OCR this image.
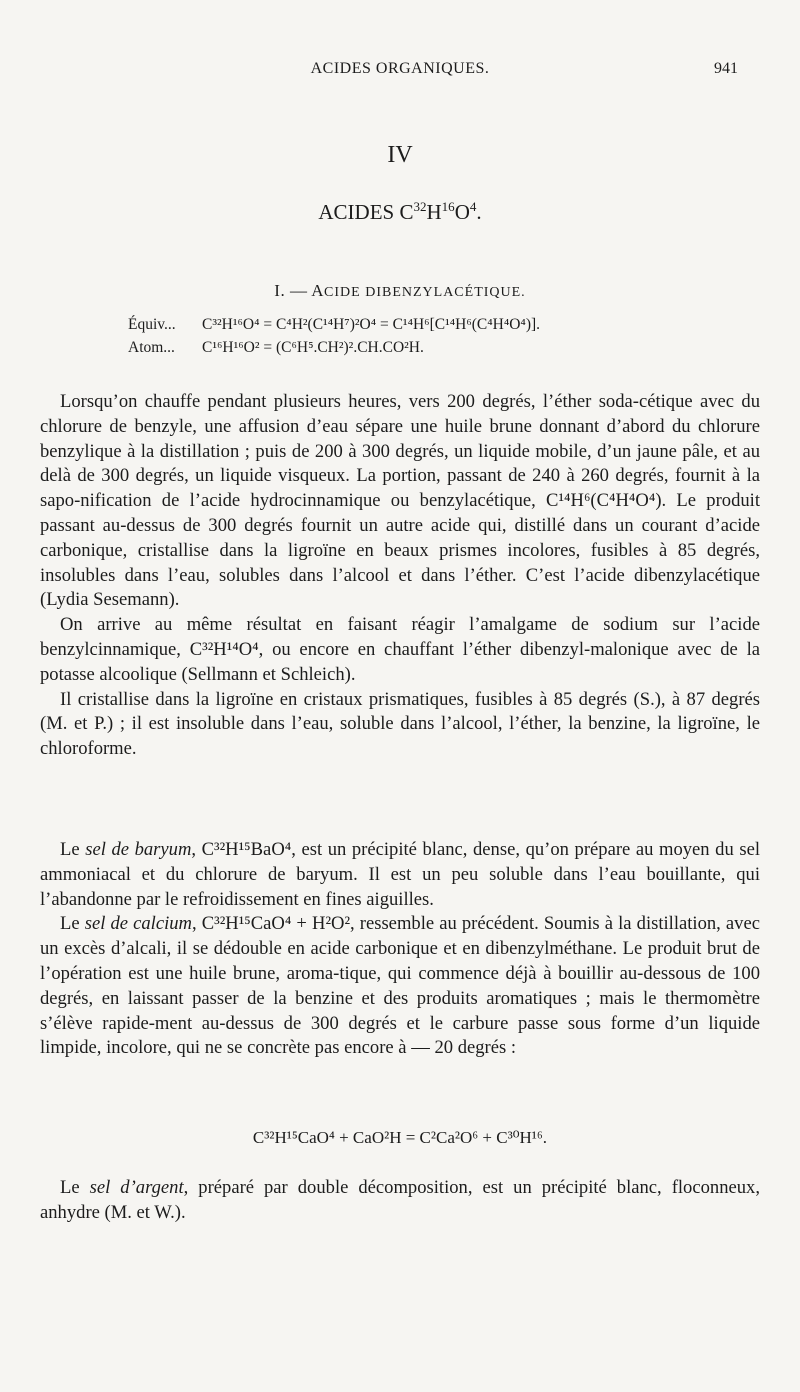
ACIDES ORGANIQUES.	941
IV
ACIDES $C^{32}H^{16}O^4$.
I. — ACIDE DIBENZYLACÉTIQUE.
Équiv... C³²H¹⁶O⁴ = C⁴H²(C¹⁴H⁷)²O⁴ = C¹⁴H⁶[C¹⁴H⁶(C⁴H⁴O⁴)].
Atom... C¹⁶H¹⁶O² = (C⁶H⁵.CH²)².CH.CO²H.

Lorsqu’on chauffe pendant plusieurs heures, vers 200 degrés, l’éther soda-cétique avec du chlorure de benzyle, une affusion d’eau sépare une huile brune donnant d’abord du chlorure benzylique à la distillation ; puis de 200 à 300 degrés, un liquide mobile, d’un jaune pâle, et au delà de 300 degrés, un liquide visqueux. La portion, passant de 240 à 260 degrés, fournit à la sapo-nification de l’acide hydrocinnamique ou benzylacétique, C¹⁴H⁶(C⁴H⁴O⁴). Le produit passant au-dessus de 300 degrés fournit un autre acide qui, distillé dans un courant d’acide carbonique, cristallise dans la ligroïne en beaux prismes incolores, fusibles à 85 degrés, insolubles dans l’eau, solubles dans l’alcool et dans l’éther. C’est l’acide dibenzylacétique (Lydia Sesemann).

On arrive au même résultat en faisant réagir l’amalgame de sodium sur l’acide benzylcinnamique, C³²H¹⁴O⁴, ou encore en chauffant l’éther dibenzyl-malonique avec de la potasse alcoolique (Sellmann et Schleich).

Il cristallise dans la ligroïne en cristaux prismatiques, fusibles à 85 degrés (S.), à 87 degrés (M. et P.) ; il est insoluble dans l’eau, soluble dans l’alcool, l’éther, la benzine, la ligroïne, le chloroforme.

Le sel de baryum, C³²H¹⁵BaO⁴, est un précipité blanc, dense, qu’on prépare au moyen du sel ammoniacal et du chlorure de baryum. Il est un peu soluble dans l’eau bouillante, qui l’abandonne par le refroidissement en fines aiguilles.

Le sel de calcium, C³²H¹⁵CaO⁴ + H²O², ressemble au précédent. Soumis à la distillation, avec un excès d’alcali, il se dédouble en acide carbonique et en dibenzylméthane. Le produit brut de l’opération est une huile brune, aroma-tique, qui commence déjà à bouillir au-dessous de 100 degrés, en laissant passer de la benzine et des produits aromatiques ; mais le thermomètre s’élève rapide-ment au-dessus de 300 degrés et le carbure passe sous forme d’un liquide limpide, incolore, qui ne se concrète pas encore à — 20 degrés :

C³²H¹⁵CaO⁴ + CaO²H = C²Ca²O⁶ + C³⁰H¹⁶.

Le sel d’argent, préparé par double décomposition, est un précipité blanc, floconneux, anhydre (M. et W.).
